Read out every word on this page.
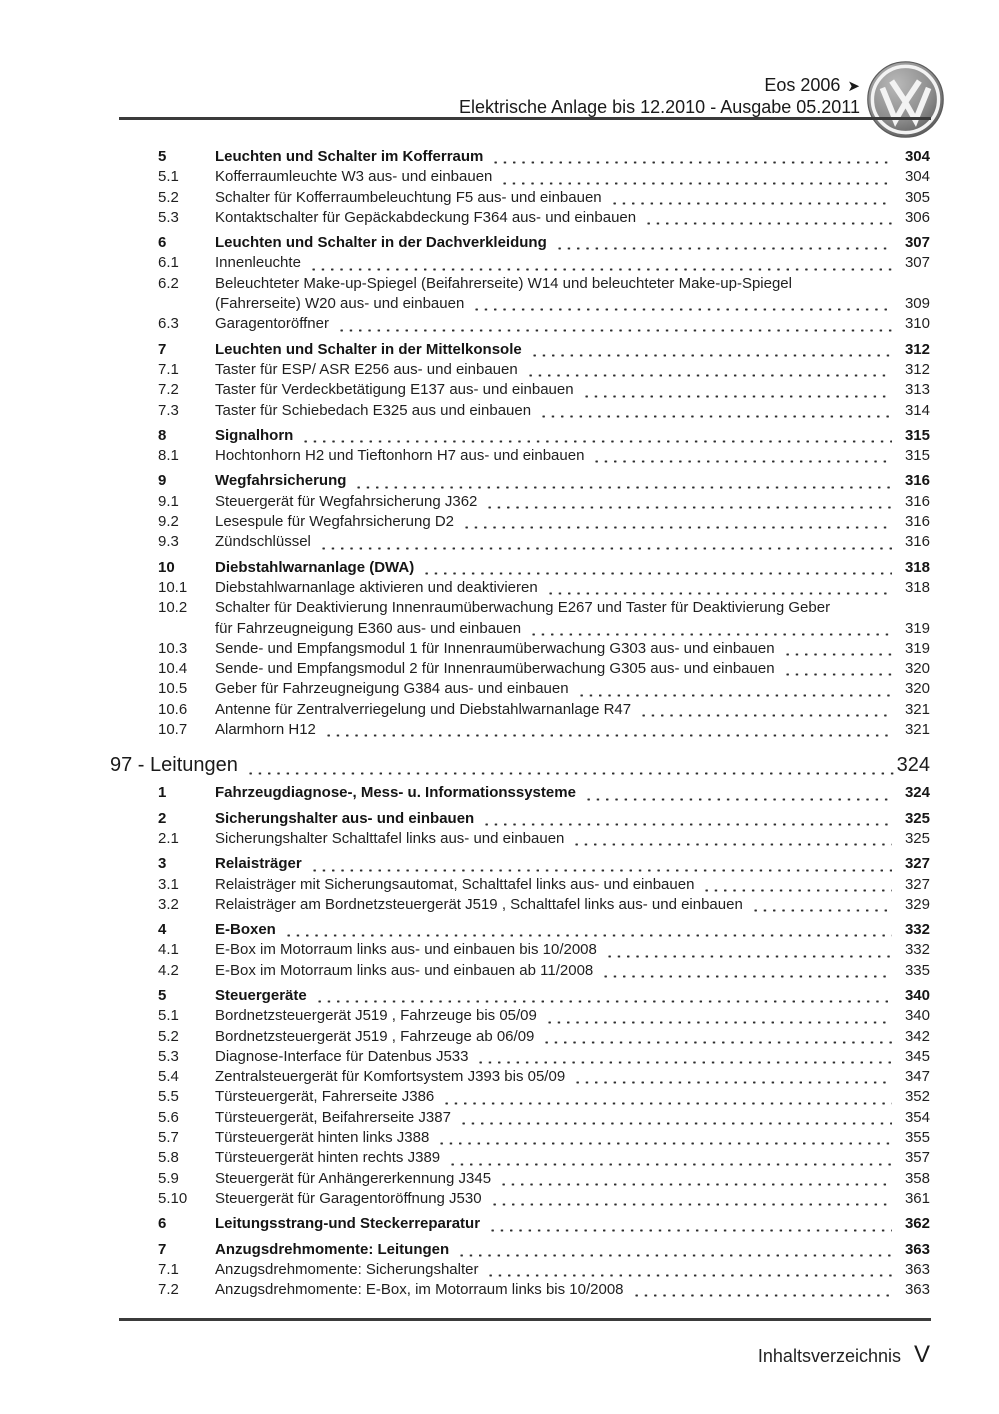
Eos 2006 ➤
Elektrische Anlage bis 12.2010 - Ausgabe 05.2011
5	Leuchten und Schalter im Kofferraum	304
5.1	Kofferraumleuchte W3 aus- und einbauen	304
5.2	Schalter für Kofferraumbeleuchtung F5 aus- und einbauen	305
5.3	Kontaktschalter für Gepäckabdeckung F364 aus- und einbauen	306
6	Leuchten und Schalter in der Dachverkleidung	307
6.1	Innenleuchte	307
6.2	Beleuchteter Make-up-Spiegel (Beifahrerseite) W14 und beleuchteter Make-up-Spiegel
(Fahrerseite) W20 aus- und einbauen	309
6.3	Garagentoröffner	310
7	Leuchten und Schalter in der Mittelkonsole	312
7.1	Taster für ESP/ ASR E256 aus- und einbauen	312
7.2	Taster für Verdeckbetätigung E137 aus- und einbauen	313
7.3	Taster für Schiebedach E325 aus und einbauen	314
8	Signalhorn	315
8.1	Hochtonhorn H2 und Tieftonhorn H7 aus- und einbauen	315
9	Wegfahrsicherung	316
9.1	Steuergerät für Wegfahrsicherung J362	316
9.2	Lesespule für Wegfahrsicherung D2	316
9.3	Zündschlüssel	316
10	Diebstahlwarnanlage (DWA)	318
10.1	Diebstahlwarnanlage aktivieren und deaktivieren	318
10.2	Schalter für Deaktivierung Innenraumüberwachung E267 und Taster für Deaktivierung Geber
für Fahrzeugneigung E360 aus- und einbauen	319
10.3	Sende- und Empfangsmodul 1 für Innenraumüberwachung G303 aus- und einbauen	319
10.4	Sende- und Empfangsmodul 2 für Innenraumüberwachung G305 aus- und einbauen	320
10.5	Geber für Fahrzeugneigung G384 aus- und einbauen	320
10.6	Antenne für Zentralverriegelung und Diebstahlwarnanlage R47	321
10.7	Alarmhorn H12	321
97 - Leitungen	324
1	Fahrzeugdiagnose-, Mess- u. Informationssysteme	324
2	Sicherungshalter aus- und einbauen	325
2.1	Sicherungshalter Schalttafel links aus- und einbauen	325
3	Relaisträger	327
3.1	Relaisträger mit Sicherungsautomat, Schalttafel links aus- und einbauen	327
3.2	Relaisträger am Bordnetzsteuergerät J519 , Schalttafel links aus- und einbauen	329
4	E-Boxen	332
4.1	E-Box im Motorraum links aus- und einbauen bis 10/2008	332
4.2	E-Box im Motorraum links aus- und einbauen ab 11/2008	335
5	Steuergeräte	340
5.1	Bordnetzsteuergerät J519 , Fahrzeuge bis 05/09	340
5.2	Bordnetzsteuergerät J519 , Fahrzeuge ab 06/09	342
5.3	Diagnose-Interface für Datenbus J533	345
5.4	Zentralsteuergerät für Komfortsystem J393 bis 05/09	347
5.5	Türsteuergerät, Fahrerseite J386	352
5.6	Türsteuergerät, Beifahrerseite J387	354
5.7	Türsteuergerät hinten links J388	355
5.8	Türsteuergerät hinten rechts J389	357
5.9	Steuergerät für Anhängererkennung J345	358
5.10	Steuergerät für Garagentoröffnung J530	361
6	Leitungsstrang-und Steckerreparatur	362
7	Anzugsdrehmomente: Leitungen	363
7.1	Anzugsdrehmomente: Sicherungshalter	363
7.2	Anzugsdrehmomente: E-Box, im Motorraum links bis 10/2008	363
Inhaltsverzeichnis V
